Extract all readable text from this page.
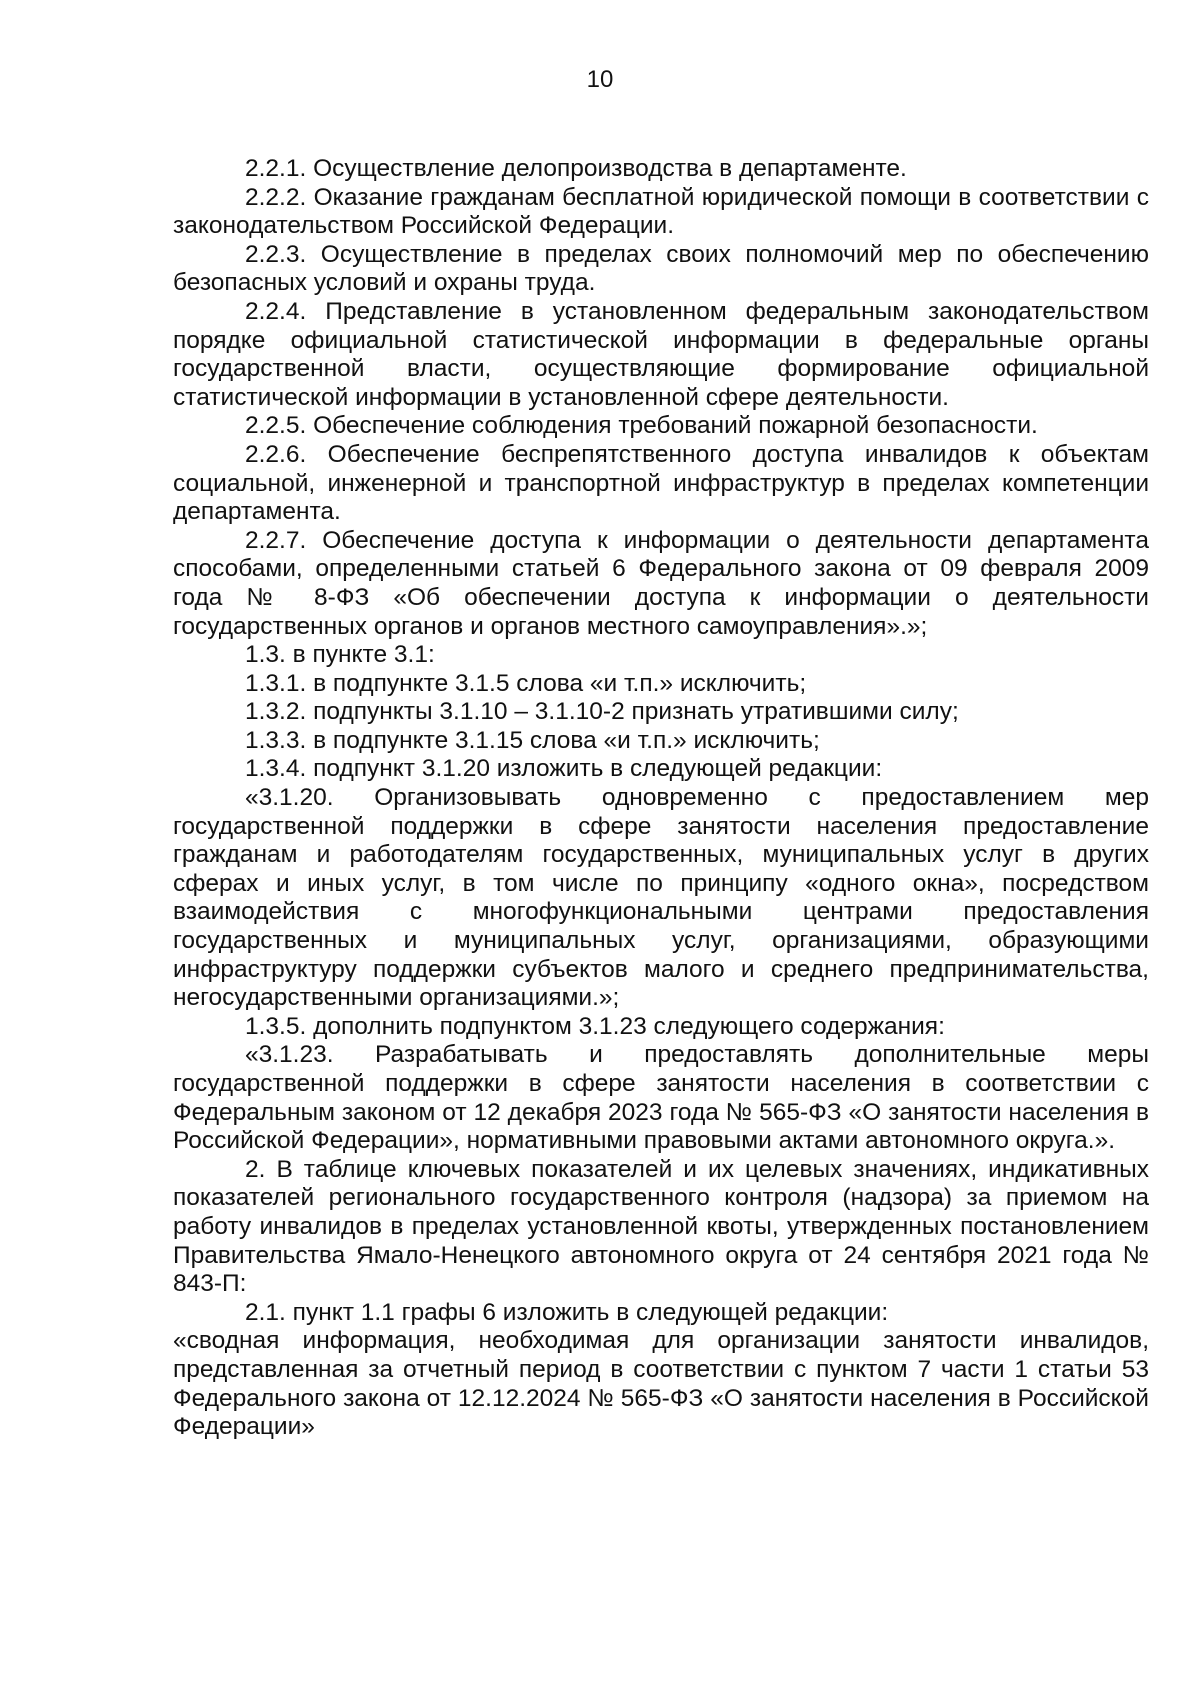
10

2.2.1. Осуществление делопроизводства в департаменте.

2.2.2. Оказание гражданам бесплатной юридической помощи в соответствии с законодательством Российской Федерации.

2.2.3. Осуществление в пределах своих полномочий мер по обеспечению безопасных условий и охраны труда.

2.2.4. Представление в установленном федеральным законодательством порядке официальной статистической информации в федеральные органы государственной власти, осуществляющие формирование официальной статистической информации в установленной сфере деятельности.

2.2.5. Обеспечение соблюдения требований пожарной безопасности.

2.2.6. Обеспечение беспрепятственного доступа инвалидов к объектам социальной, инженерной и транспортной инфраструктур в пределах компетенции департамента.

2.2.7. Обеспечение доступа к информации о деятельности департамента способами, определенными статьей 6 Федерального закона от 09 февраля 2009 года № 8-ФЗ «Об обеспечении доступа к информации о деятельности государственных органов и органов местного самоуправления».»;

1.3. в пункте 3.1:

1.3.1. в подпункте 3.1.5 слова «и т.п.» исключить;

1.3.2. подпункты 3.1.10 – 3.1.10-2 признать утратившими силу;

1.3.3. в подпункте 3.1.15 слова «и т.п.» исключить;

1.3.4. подпункт 3.1.20 изложить в следующей редакции:

«3.1.20. Организовывать одновременно с предоставлением мер государственной поддержки в сфере занятости населения предоставление гражданам и работодателям государственных, муниципальных услуг в других сферах и иных услуг, в том числе по принципу «одного окна», посредством взаимодействия с многофункциональными центрами предоставления государственных и муниципальных услуг, организациями, образующими инфраструктуру поддержки субъектов малого и среднего предпринимательства, негосударственными организациями.»;

1.3.5. дополнить подпунктом 3.1.23 следующего содержания:

«3.1.23. Разрабатывать и предоставлять дополнительные меры государственной поддержки в сфере занятости населения в соответствии с Федеральным законом от 12 декабря 2023 года № 565-ФЗ «О занятости населения в Российской Федерации», нормативными правовыми актами автономного округа.».

2. В таблице ключевых показателей и их целевых значениях, индикативных показателей регионального государственного контроля (надзора) за приемом на работу инвалидов в пределах установленной квоты, утвержденных постановлением Правительства Ямало-Ненецкого автономного округа от 24 сентября 2021 года № 843-П:

2.1. пункт 1.1 графы 6 изложить в следующей редакции:

«сводная информация, необходимая для организации занятости инвалидов, представленная за отчетный период в соответствии с пунктом 7 части 1 статьи 53 Федерального закона от 12.12.2024 № 565-ФЗ «О занятости населения в Российской Федерации»
